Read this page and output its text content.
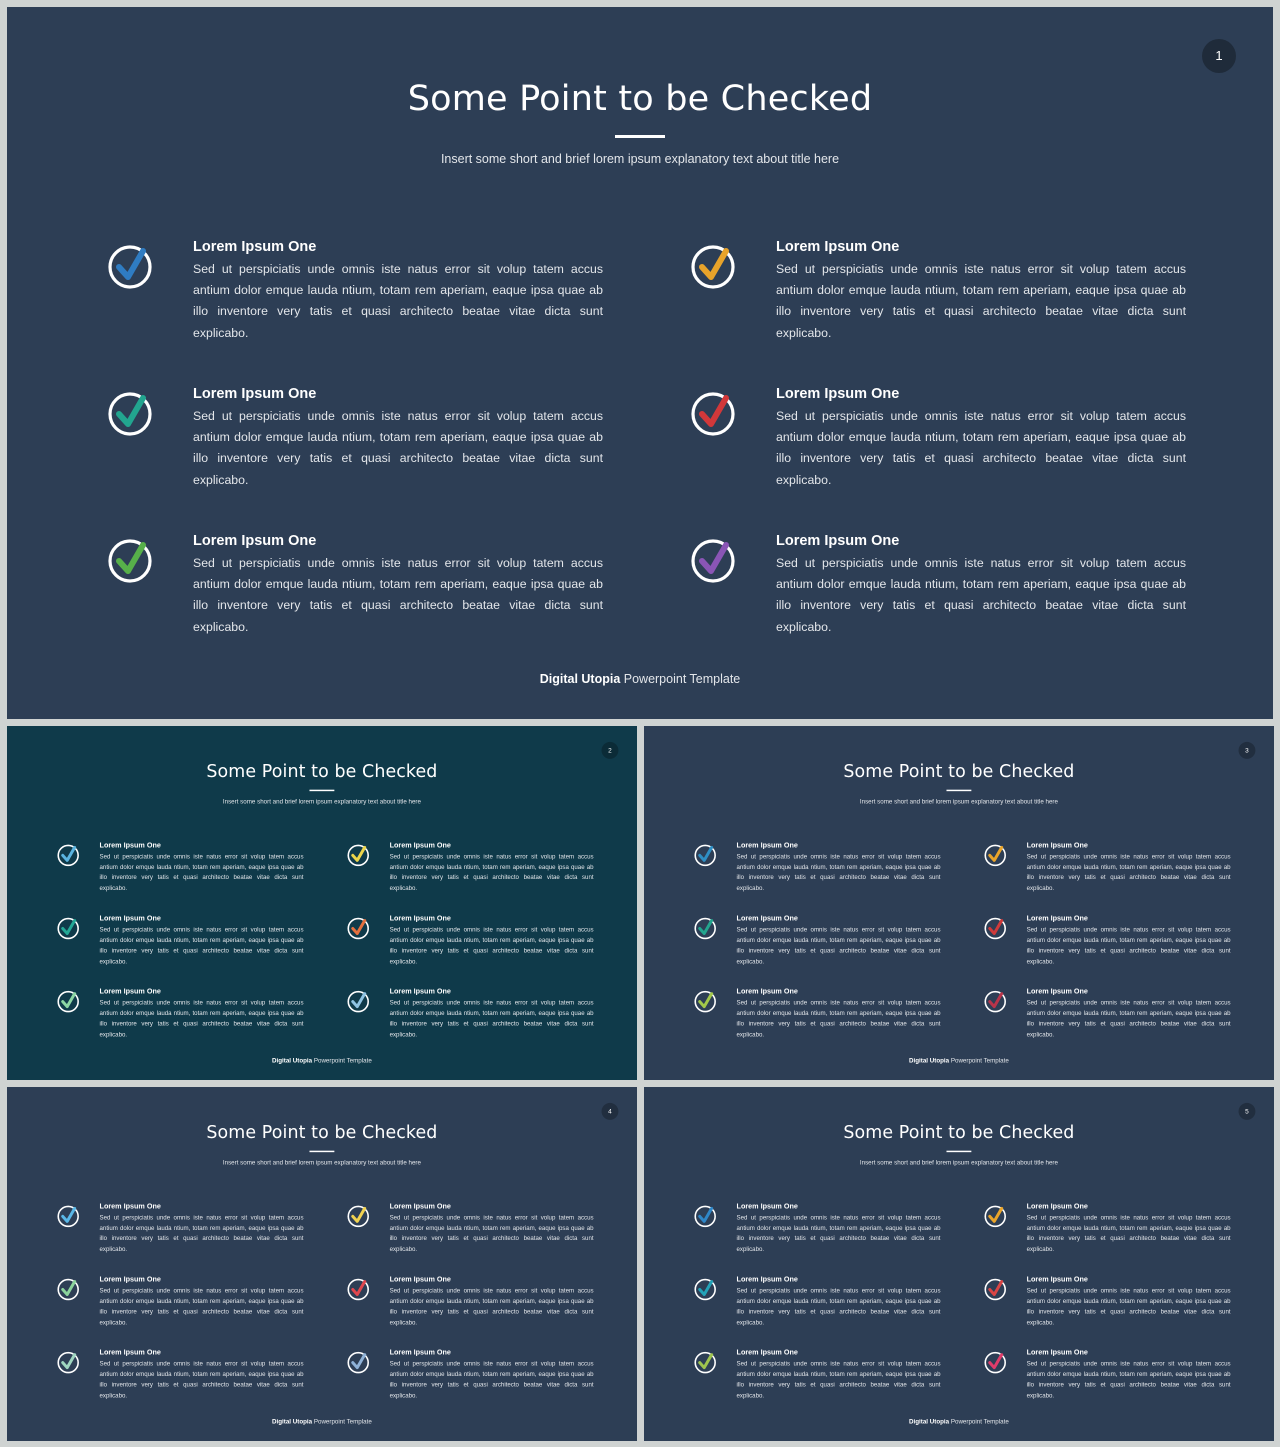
1
Some Point to be Checked
Insert some short and brief lorem ipsum explanatory text about title here
Lorem Ipsum One
Sed ut perspiciatis unde omnis iste natus error sit volup tatem accus antium dolor emque lauda ntium, totam rem aperiam, eaque ipsa quae ab illo inventore very tatis et quasi architecto beatae vitae dicta sunt explicabo.
Lorem Ipsum One
Sed ut perspiciatis unde omnis iste natus error sit volup tatem accus antium dolor emque lauda ntium, totam rem aperiam, eaque ipsa quae ab illo inventore very tatis et quasi architecto beatae vitae dicta sunt explicabo.
Lorem Ipsum One
Sed ut perspiciatis unde omnis iste natus error sit volup tatem accus antium dolor emque lauda ntium, totam rem aperiam, eaque ipsa quae ab illo inventore very tatis et quasi architecto beatae vitae dicta sunt explicabo.
Lorem Ipsum One
Sed ut perspiciatis unde omnis iste natus error sit volup tatem accus antium dolor emque lauda ntium, totam rem aperiam, eaque ipsa quae ab illo inventore very tatis et quasi architecto beatae vitae dicta sunt explicabo.
Lorem Ipsum One
Sed ut perspiciatis unde omnis iste natus error sit volup tatem accus antium dolor emque lauda ntium, totam rem aperiam, eaque ipsa quae ab illo inventore very tatis et quasi architecto beatae vitae dicta sunt explicabo.
Lorem Ipsum One
Sed ut perspiciatis unde omnis iste natus error sit volup tatem accus antium dolor emque lauda ntium, totam rem aperiam, eaque ipsa quae ab illo inventore very tatis et quasi architecto beatae vitae dicta sunt explicabo.
Digital Utopia Powerpoint Template
2
Some Point to be Checked
Insert some short and brief lorem ipsum explanatory text about title here
Lorem Ipsum One
Sed ut perspiciatis unde omnis iste natus error sit volup tatem accus antium dolor emque lauda ntium, totam rem aperiam, eaque ipsa quae ab illo inventore very tatis et quasi architecto beatae vitae dicta sunt explicabo.
Lorem Ipsum One
Sed ut perspiciatis unde omnis iste natus error sit volup tatem accus antium dolor emque lauda ntium, totam rem aperiam, eaque ipsa quae ab illo inventore very tatis et quasi architecto beatae vitae dicta sunt explicabo.
Lorem Ipsum One
Sed ut perspiciatis unde omnis iste natus error sit volup tatem accus antium dolor emque lauda ntium, totam rem aperiam, eaque ipsa quae ab illo inventore very tatis et quasi architecto beatae vitae dicta sunt explicabo.
Lorem Ipsum One
Sed ut perspiciatis unde omnis iste natus error sit volup tatem accus antium dolor emque lauda ntium, totam rem aperiam, eaque ipsa quae ab illo inventore very tatis et quasi architecto beatae vitae dicta sunt explicabo.
Lorem Ipsum One
Sed ut perspiciatis unde omnis iste natus error sit volup tatem accus antium dolor emque lauda ntium, totam rem aperiam, eaque ipsa quae ab illo inventore very tatis et quasi architecto beatae vitae dicta sunt explicabo.
Lorem Ipsum One
Sed ut perspiciatis unde omnis iste natus error sit volup tatem accus antium dolor emque lauda ntium, totam rem aperiam, eaque ipsa quae ab illo inventore very tatis et quasi architecto beatae vitae dicta sunt explicabo.
Digital Utopia Powerpoint Template
3
Some Point to be Checked
Insert some short and brief lorem ipsum explanatory text about title here
Lorem Ipsum One
Sed ut perspiciatis unde omnis iste natus error sit volup tatem accus antium dolor emque lauda ntium, totam rem aperiam, eaque ipsa quae ab illo inventore very tatis et quasi architecto beatae vitae dicta sunt explicabo.
Lorem Ipsum One
Sed ut perspiciatis unde omnis iste natus error sit volup tatem accus antium dolor emque lauda ntium, totam rem aperiam, eaque ipsa quae ab illo inventore very tatis et quasi architecto beatae vitae dicta sunt explicabo.
Lorem Ipsum One
Sed ut perspiciatis unde omnis iste natus error sit volup tatem accus antium dolor emque lauda ntium, totam rem aperiam, eaque ipsa quae ab illo inventore very tatis et quasi architecto beatae vitae dicta sunt explicabo.
Lorem Ipsum One
Sed ut perspiciatis unde omnis iste natus error sit volup tatem accus antium dolor emque lauda ntium, totam rem aperiam, eaque ipsa quae ab illo inventore very tatis et quasi architecto beatae vitae dicta sunt explicabo.
Lorem Ipsum One
Sed ut perspiciatis unde omnis iste natus error sit volup tatem accus antium dolor emque lauda ntium, totam rem aperiam, eaque ipsa quae ab illo inventore very tatis et quasi architecto beatae vitae dicta sunt explicabo.
Lorem Ipsum One
Sed ut perspiciatis unde omnis iste natus error sit volup tatem accus antium dolor emque lauda ntium, totam rem aperiam, eaque ipsa quae ab illo inventore very tatis et quasi architecto beatae vitae dicta sunt explicabo.
Digital Utopia Powerpoint Template
4
Some Point to be Checked
Insert some short and brief lorem ipsum explanatory text about title here
Lorem Ipsum One
Sed ut perspiciatis unde omnis iste natus error sit volup tatem accus antium dolor emque lauda ntium, totam rem aperiam, eaque ipsa quae ab illo inventore very tatis et quasi architecto beatae vitae dicta sunt explicabo.
Lorem Ipsum One
Sed ut perspiciatis unde omnis iste natus error sit volup tatem accus antium dolor emque lauda ntium, totam rem aperiam, eaque ipsa quae ab illo inventore very tatis et quasi architecto beatae vitae dicta sunt explicabo.
Lorem Ipsum One
Sed ut perspiciatis unde omnis iste natus error sit volup tatem accus antium dolor emque lauda ntium, totam rem aperiam, eaque ipsa quae ab illo inventore very tatis et quasi architecto beatae vitae dicta sunt explicabo.
Lorem Ipsum One
Sed ut perspiciatis unde omnis iste natus error sit volup tatem accus antium dolor emque lauda ntium, totam rem aperiam, eaque ipsa quae ab illo inventore very tatis et quasi architecto beatae vitae dicta sunt explicabo.
Lorem Ipsum One
Sed ut perspiciatis unde omnis iste natus error sit volup tatem accus antium dolor emque lauda ntium, totam rem aperiam, eaque ipsa quae ab illo inventore very tatis et quasi architecto beatae vitae dicta sunt explicabo.
Lorem Ipsum One
Sed ut perspiciatis unde omnis iste natus error sit volup tatem accus antium dolor emque lauda ntium, totam rem aperiam, eaque ipsa quae ab illo inventore very tatis et quasi architecto beatae vitae dicta sunt explicabo.
Digital Utopia Powerpoint Template
5
Some Point to be Checked
Insert some short and brief lorem ipsum explanatory text about title here
Lorem Ipsum One
Sed ut perspiciatis unde omnis iste natus error sit volup tatem accus antium dolor emque lauda ntium, totam rem aperiam, eaque ipsa quae ab illo inventore very tatis et quasi architecto beatae vitae dicta sunt explicabo.
Lorem Ipsum One
Sed ut perspiciatis unde omnis iste natus error sit volup tatem accus antium dolor emque lauda ntium, totam rem aperiam, eaque ipsa quae ab illo inventore very tatis et quasi architecto beatae vitae dicta sunt explicabo.
Lorem Ipsum One
Sed ut perspiciatis unde omnis iste natus error sit volup tatem accus antium dolor emque lauda ntium, totam rem aperiam, eaque ipsa quae ab illo inventore very tatis et quasi architecto beatae vitae dicta sunt explicabo.
Lorem Ipsum One
Sed ut perspiciatis unde omnis iste natus error sit volup tatem accus antium dolor emque lauda ntium, totam rem aperiam, eaque ipsa quae ab illo inventore very tatis et quasi architecto beatae vitae dicta sunt explicabo.
Lorem Ipsum One
Sed ut perspiciatis unde omnis iste natus error sit volup tatem accus antium dolor emque lauda ntium, totam rem aperiam, eaque ipsa quae ab illo inventore very tatis et quasi architecto beatae vitae dicta sunt explicabo.
Lorem Ipsum One
Sed ut perspiciatis unde omnis iste natus error sit volup tatem accus antium dolor emque lauda ntium, totam rem aperiam, eaque ipsa quae ab illo inventore very tatis et quasi architecto beatae vitae dicta sunt explicabo.
Digital Utopia Powerpoint Template
